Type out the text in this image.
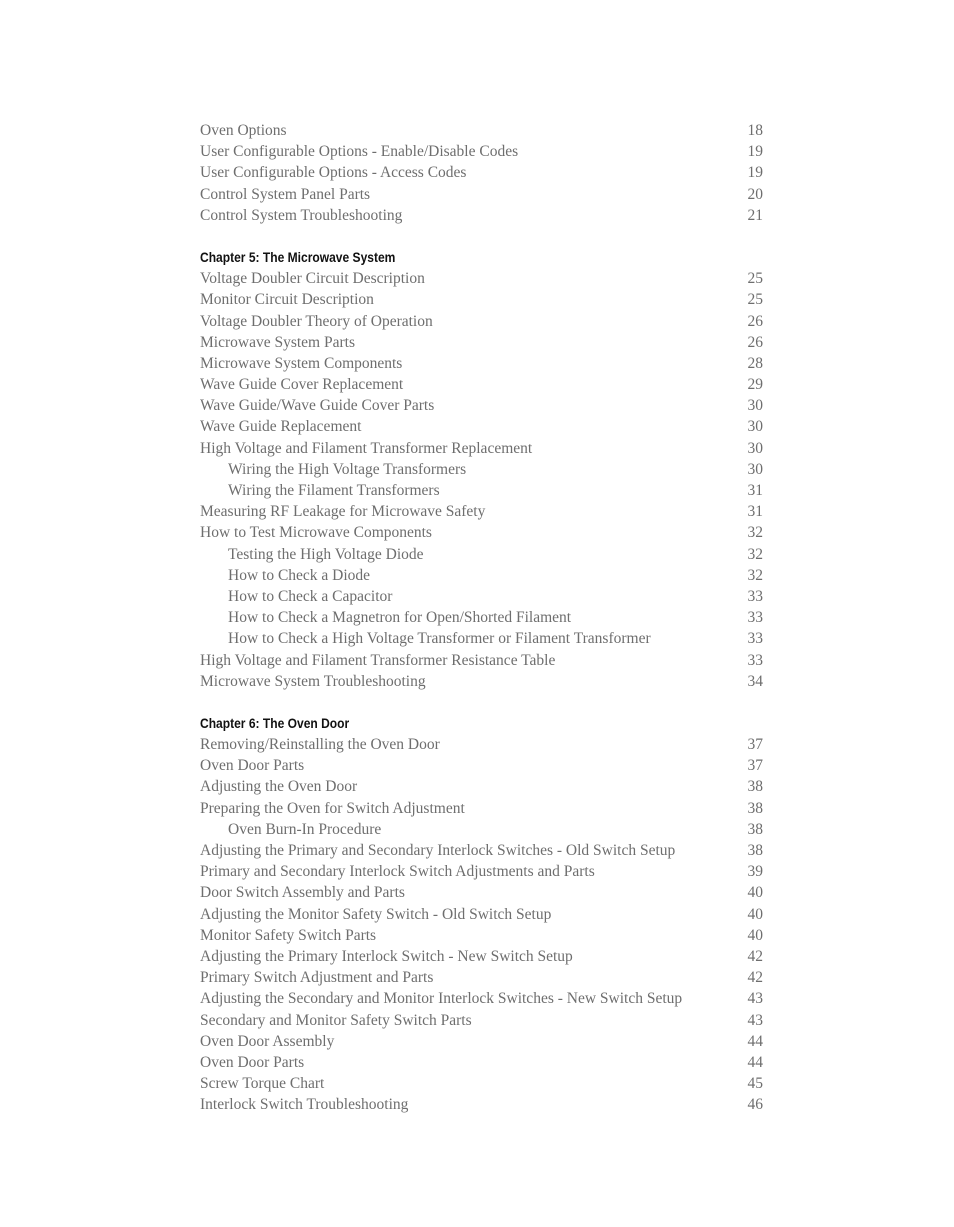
Oven Options	18
User Configurable Options - Enable/Disable Codes	19
User Configurable Options - Access Codes	19
Control System Panel Parts	20
Control System Troubleshooting	21
Chapter 5: The Microwave System
Voltage Doubler Circuit Description	25
Monitor Circuit Description	25
Voltage Doubler Theory of Operation	26
Microwave System Parts	26
Microwave System Components	28
Wave Guide Cover Replacement	29
Wave Guide/Wave Guide Cover Parts	30
Wave Guide Replacement	30
High Voltage and Filament Transformer Replacement	30
Wiring the High Voltage Transformers	30
Wiring the Filament Transformers	31
Measuring RF Leakage for Microwave Safety	31
How to Test Microwave Components	32
Testing the High Voltage Diode	32
How to Check a Diode	32
How to Check a Capacitor	33
How to Check a Magnetron for Open/Shorted Filament	33
How to Check a High Voltage Transformer or Filament Transformer	33
High Voltage and Filament Transformer Resistance Table	33
Microwave System Troubleshooting	34
Chapter 6: The Oven Door
Removing/Reinstalling the Oven Door	37
Oven Door Parts	37
Adjusting the Oven Door	38
Preparing the Oven for Switch Adjustment	38
Oven Burn-In Procedure	38
Adjusting the Primary and Secondary Interlock Switches - Old Switch Setup	38
Primary and Secondary Interlock Switch Adjustments and Parts	39
Door Switch Assembly and Parts	40
Adjusting the Monitor Safety Switch - Old Switch Setup	40
Monitor Safety Switch Parts	40
Adjusting the Primary Interlock Switch - New Switch Setup	42
Primary Switch Adjustment and Parts	42
Adjusting the Secondary and Monitor Interlock Switches - New Switch Setup	43
Secondary and Monitor Safety Switch Parts	43
Oven Door Assembly	44
Oven Door Parts	44
Screw Torque Chart	45
Interlock Switch Troubleshooting	46
